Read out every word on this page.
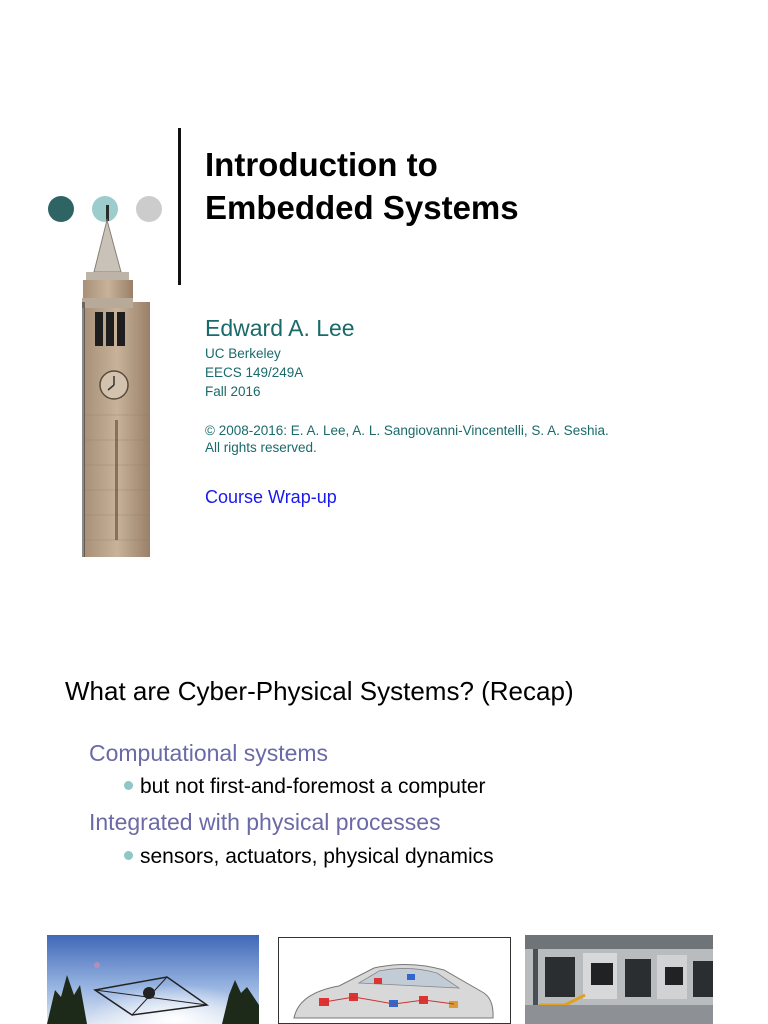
Introduction to
Embedded Systems
Edward A. Lee
UC Berkeley
EECS 149/249A
Fall 2016
© 2008-2016: E. A. Lee, A. L. Sangiovanni-Vincentelli, S. A. Seshia.
All rights reserved.
Course Wrap-up
What are Cyber-Physical Systems? (Recap)
Computational systems
but not first-and-foremost a computer
Integrated with physical processes
sensors, actuators, physical dynamics
